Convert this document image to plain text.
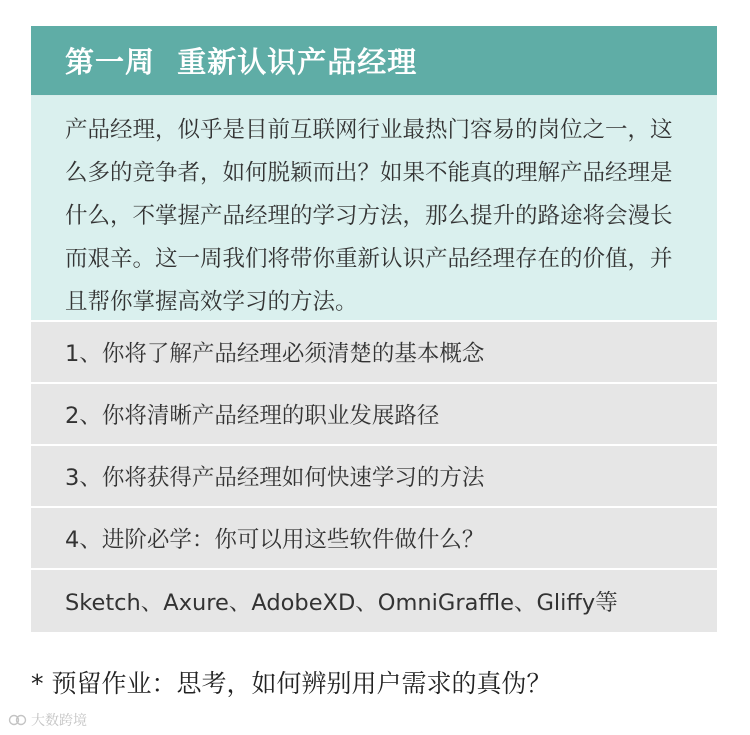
第一周  重新认识产品经理

产品经理，似乎是目前互联网行业最热门容易的岗位之一，这么多的竞争者，如何脱颖而出？如果不能真的理解产品经理是什么，不掌握产品经理的学习方法，那么提升的路途将会漫长而艰辛。这一周我们将带你重新认识产品经理存在的价值，并且帮你掌握高效学习的方法。

1、你将了解产品经理必须清楚的基本概念
2、你将清晰产品经理的职业发展路径
3、你将获得产品经理如何快速学习的方法
4、进阶必学：你可以用这些软件做什么？
Sketch、Axure、AdobeXD、OmniGraffle、Gliffy等
* 预留作业：思考，如何辨别用户需求的真伪？
大数跨境
